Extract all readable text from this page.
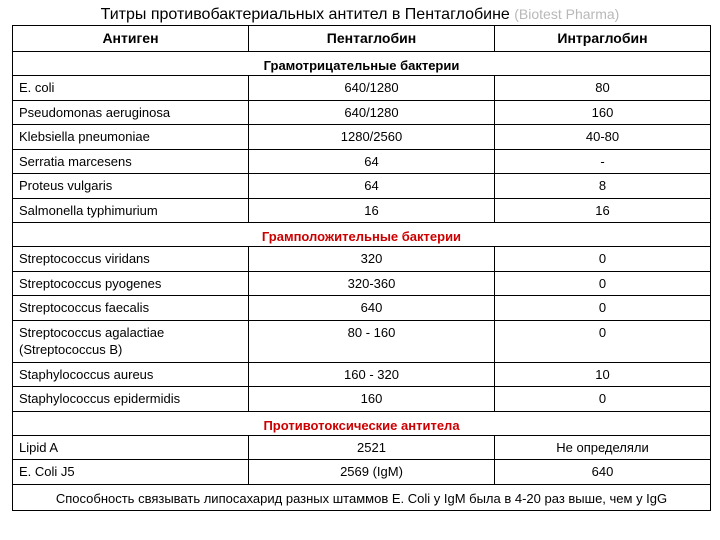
Титры противобактериальных антител в Пентаглобине (Biotest Pharma)
Антиген	Пентаглобин	Интраглобин
Грамотрицательные бактерии		
E. coli	640/1280	80
Pseudomonas aeruginosa	640/1280	160
Klebsiella pneumoniae	1280/2560	40-80
Serratia marcesens	64	-
Proteus vulgaris	64	8
Salmonella typhimurium	16	16
Грамположительные бактерии		
Streptococcus viridans	320	0
Streptococcus pyogenes	320-360	0
Streptococcus faecalis	640	0
Streptococcus agalactiae
(Streptococcus B)	80 - 160	0
Staphylococcus aureus	160 - 320	10
Staphylococcus epidermidis	160	0
Противотоксические антитела		
Lipid A	2521	Не определяли
E. Coli J5	2569 (IgM)	640
Способность связывать липосахарид разных штаммов E. Coli у IgM была в 4-20 раз выше, чем у IgG		
